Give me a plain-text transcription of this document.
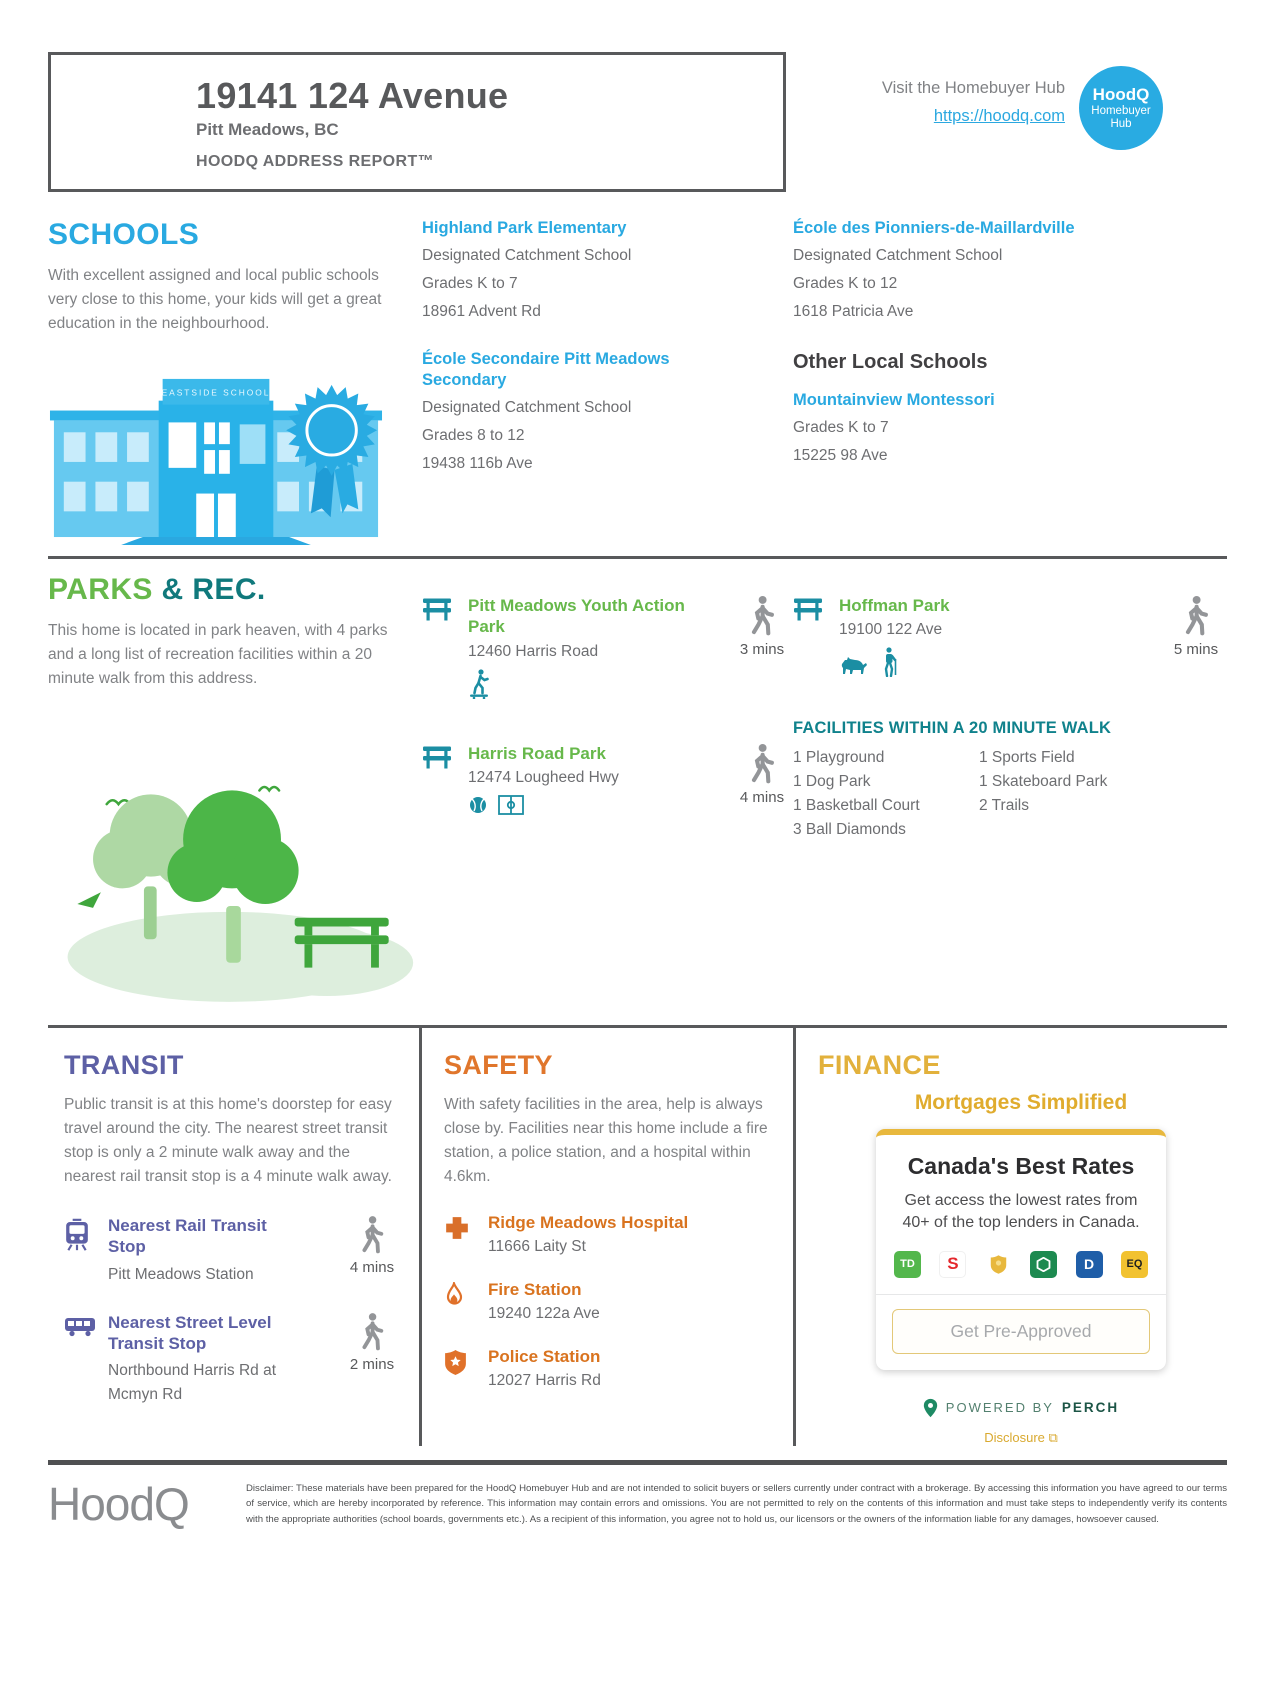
19141 124 Avenue
Pitt Meadows, BC
HOODQ ADDRESS REPORT™
Visit the Homebuyer Hub
https://hoodq.com
HoodQ
Homebuyer
Hub
SCHOOLS
With excellent assigned and local public schools very close to this home, your kids will get a great education in the neighbourhood.
EASTSIDE SCHOOL
Highland Park Elementary
Designated Catchment School
Grades K to 7
18961 Advent Rd
École Secondaire Pitt Meadows Secondary
Designated Catchment School
Grades 8 to 12
19438 116b Ave
École des Pionniers-de-Maillardville
Designated Catchment School
Grades K to 12
1618 Patricia Ave
Other Local Schools
Mountainview Montessori
Grades K to 7
15225 98 Ave
PARKS & REC.
This home is located in park heaven, with 4 parks and a long list of recreation facilities within a 20 minute walk from this address.
Pitt Meadows Youth Action Park
12460 Harris Road	3 mins
Harris Road Park
12474 Lougheed Hwy
4 mins
Hoffman Park
19100 122 Ave
5 mins
FACILITIES WITHIN A 20 MINUTE WALK
1 Playground
1 Dog Park
1 Basketball Court
3 Ball Diamonds
1 Sports Field
1 Skateboard Park
2 Trails
TRANSIT
Public transit is at this home's doorstep for easy travel around the city. The nearest street transit stop is only a 2 minute walk away and the nearest rail transit stop is a 4 minute walk away.
Nearest Rail Transit Stop
Pitt Meadows Station	4 mins
Nearest Street Level Transit Stop
Northbound Harris Rd at Mcmyn Rd
2 mins
SAFETY
With safety facilities in the area, help is always close by. Facilities near this home include a fire station, a police station, and a hospital within 4.6km.
Ridge Meadows Hospital
11666 Laity St
Fire Station
19240 122a Ave
Police Station
12027 Harris Rd
FINANCE
Mortgages Simplified
Canada's Best Rates
Get access the lowest rates from 40+ of the top lenders in Canada.
TD	S	D	EQ
Get Pre-Approved
POWERED BY PERCH
Disclosure ⧉
HoodQ	Disclaimer: These materials have been prepared for the HoodQ Homebuyer Hub and are not intended to solicit buyers or sellers currently under contract with a brokerage. By accessing this information you have agreed to our terms of service, which are hereby incorporated by reference. This information may contain errors and omissions. You are not permitted to rely on the contents of this information and must take steps to independently verify its contents with the appropriate authorities (school boards, governments etc.). As a recipient of this information, you agree not to hold us, our licensors or the owners of the information liable for any damages, howsoever caused.
